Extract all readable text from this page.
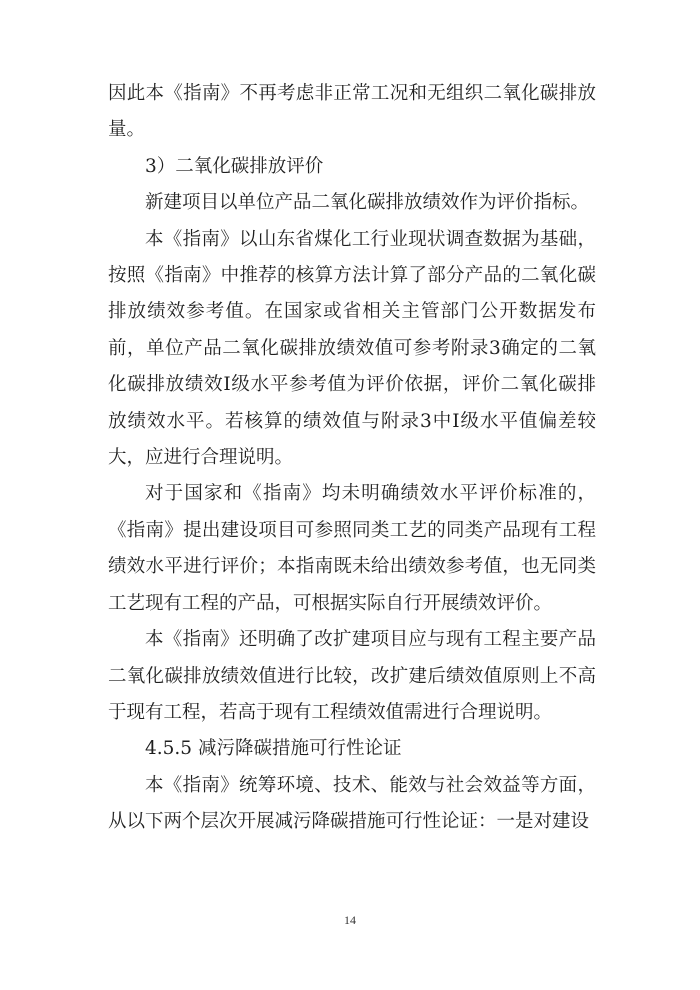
因此本《指南》不再考虑非正常工况和无组织二氧化碳排放量。

3）二氧化碳排放评价

新建项目以单位产品二氧化碳排放绩效作为评价指标。

本《指南》以山东省煤化工行业现状调查数据为基础，按照《指南》中推荐的核算方法计算了部分产品的二氧化碳排放绩效参考值。在国家或省相关主管部门公开数据发布前，单位产品二氧化碳排放绩效值可参考附录3确定的二氧化碳排放绩效I级水平参考值为评价依据，评价二氧化碳排放绩效水平。若核算的绩效值与附录3中I级水平值偏差较大，应进行合理说明。

对于国家和《指南》均未明确绩效水平评价标准的，《指南》提出建设项目可参照同类工艺的同类产品现有工程绩效水平进行评价；本指南既未给出绩效参考值，也无同类工艺现有工程的产品，可根据实际自行开展绩效评价。

本《指南》还明确了改扩建项目应与现有工程主要产品二氧化碳排放绩效值进行比较，改扩建后绩效值原则上不高于现有工程，若高于现有工程绩效值需进行合理说明。

4.5.5 减污降碳措施可行性论证

本《指南》统筹环境、技术、能效与社会效益等方面，从以下两个层次开展减污降碳措施可行性论证：一是对建设

14
